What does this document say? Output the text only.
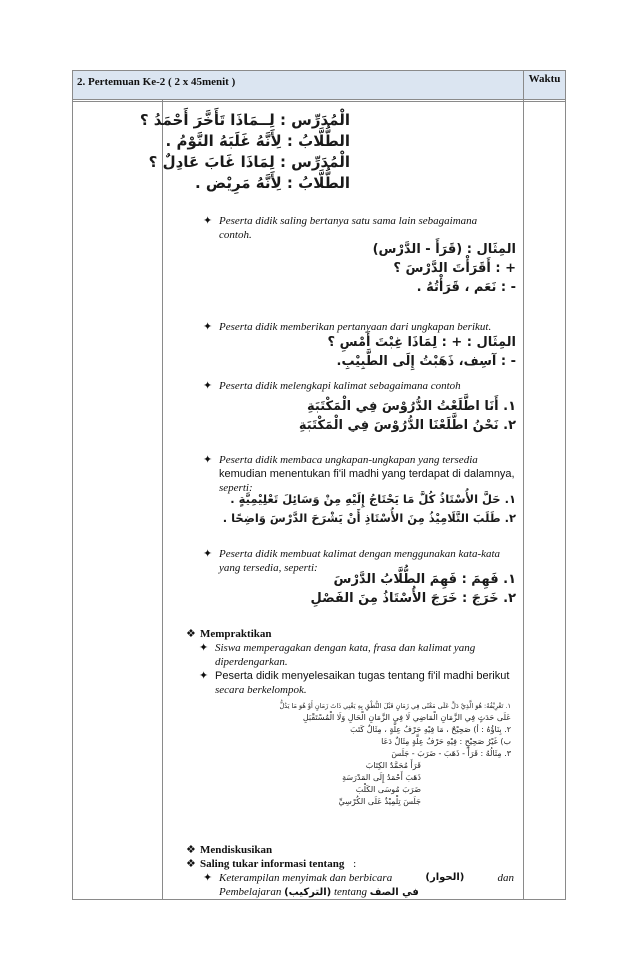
2. Pertemuan Ke-2 ( 2 x 45menit )	Waktu
الْمُدَرِّس : لِــمَاذَا تَأَخَّرَ أَحْمَدُ ؟
الطُّلَّابُ : لِأَنَّهُ غَلَبَهُ النَّوْمُ .
الْمُدَرِّس : لِمَاذَا غَابَ عَادِلٌ ؟
الطُّلَّابُ : لِأَنَّهُ مَرِيْض .
✦ Peserta didik saling bertanya satu sama lain sebagaimana
contoh.
المِثَال : (قَرَأَ - الدَّرْس)
+ : أَقَرَأْتَ الدَّرْسَ ؟
- : نَعَم ، قَرَأْتُهُ .
✦ Peserta didik memberikan pertanyaan dari ungkapan berikut.
المِثَال : + : لِمَاذَا غِبْتَ أَمْسِ ؟
- : آسِف، ذَهَبْتُ إِلَى الطَّبِيْبِ.
✦ Peserta didik melengkapi kalimat sebagaimana contoh
١. أَنَا اطَّلَعْتُ الدُّرُوْسَ فِي الْمَكْتَبَةِ
٢. نَحْنُ اطَّلَعْنَا الدُّرُوْسَ فِي الْمَكْتَبَةِ
✦ Peserta didik membaca ungkapan-ungkapan yang tersedia
kemudian menentukan fi'il madhi yang terdapat di dalamnya,
seperti:
١. حَلَّ الأُسْتَاذُ كُلَّ مَا يَحْتَاجُ إِلَيْهِ مِنْ وَسَائِلَ تَعْلِيْمِيَّةٍ .
٢. طَلَبَ التَّلَامِيْذُ مِنَ الأُسْتَاذِ أَنْ يَشْرَحَ الدَّرْسَ وَاضِحًا .
✦ Peserta didik membuat kalimat dengan menggunakan kata-kata
yang tersedia, seperti:
١. فَهِمَ : فَهِمَ الطُّلَّابُ الدَّرْسَ
٢. خَرَجَ : خَرَجَ الأُسْتَاذُ مِنَ الفَصْلِ
❖ Mempraktikan
✦ Siswa memperagakan dengan kata, frasa dan kalimat yang
diperdengarkan.
✦ Peserta didik menyelesaikan tugas tentang fi'il madhi berikut
secara berkelompok.
١. تَعْرِيْفُهُ: هُوَ الَّذِيْ دَلَّ عَلَى مَعْنًى فِي زَمَانٍ قَبْلَ النُّطْقِ بِهِ يَعْنِي ذَاتَ زَمَانٍ أَوْ هُوَ مَا يَدُلُّ
عَلَى حَدَثٍ فِي الزَّمَانِ الْمَاضِي لَا فِي الزَّمَانِ الْحَالِ وَلَا الْمُسْتَقْبَلِ
٢. بِنَاؤُهُ : أ) صَحِيْحٌ ، مَا فِيْهِ حَرْفُ عِلَّةٍ ، مِثَالٌ كَتَبَ
ب) غَيْرُ صَحِيْحٍ : فِيْهِ حَرْفُ عِلَّةٍ مِثَالٌ دَعَا
٣. مِثَالُهُ : قَرَأَ - ذَهَبَ - ضَرَبَ - جَلَسَ
قَرَأَ مُحَمَّدٌ الكِتَابَ
ذَهَبَ أَحْمَدُ إِلَى المَدْرَسَةِ
ضَرَبَ مُوسَى الكَلْبَ
جَلَسَ تِلْمِيْذٌ عَلَى الكُرْسِيِّ
❖ Mendiskusikan
❖ Saling tukar informasi tentang :
✦ Keterampilan menyimak dan berbicara	(الحوار)	dan
Pembelajaran (التركيب) tentang في الصف
